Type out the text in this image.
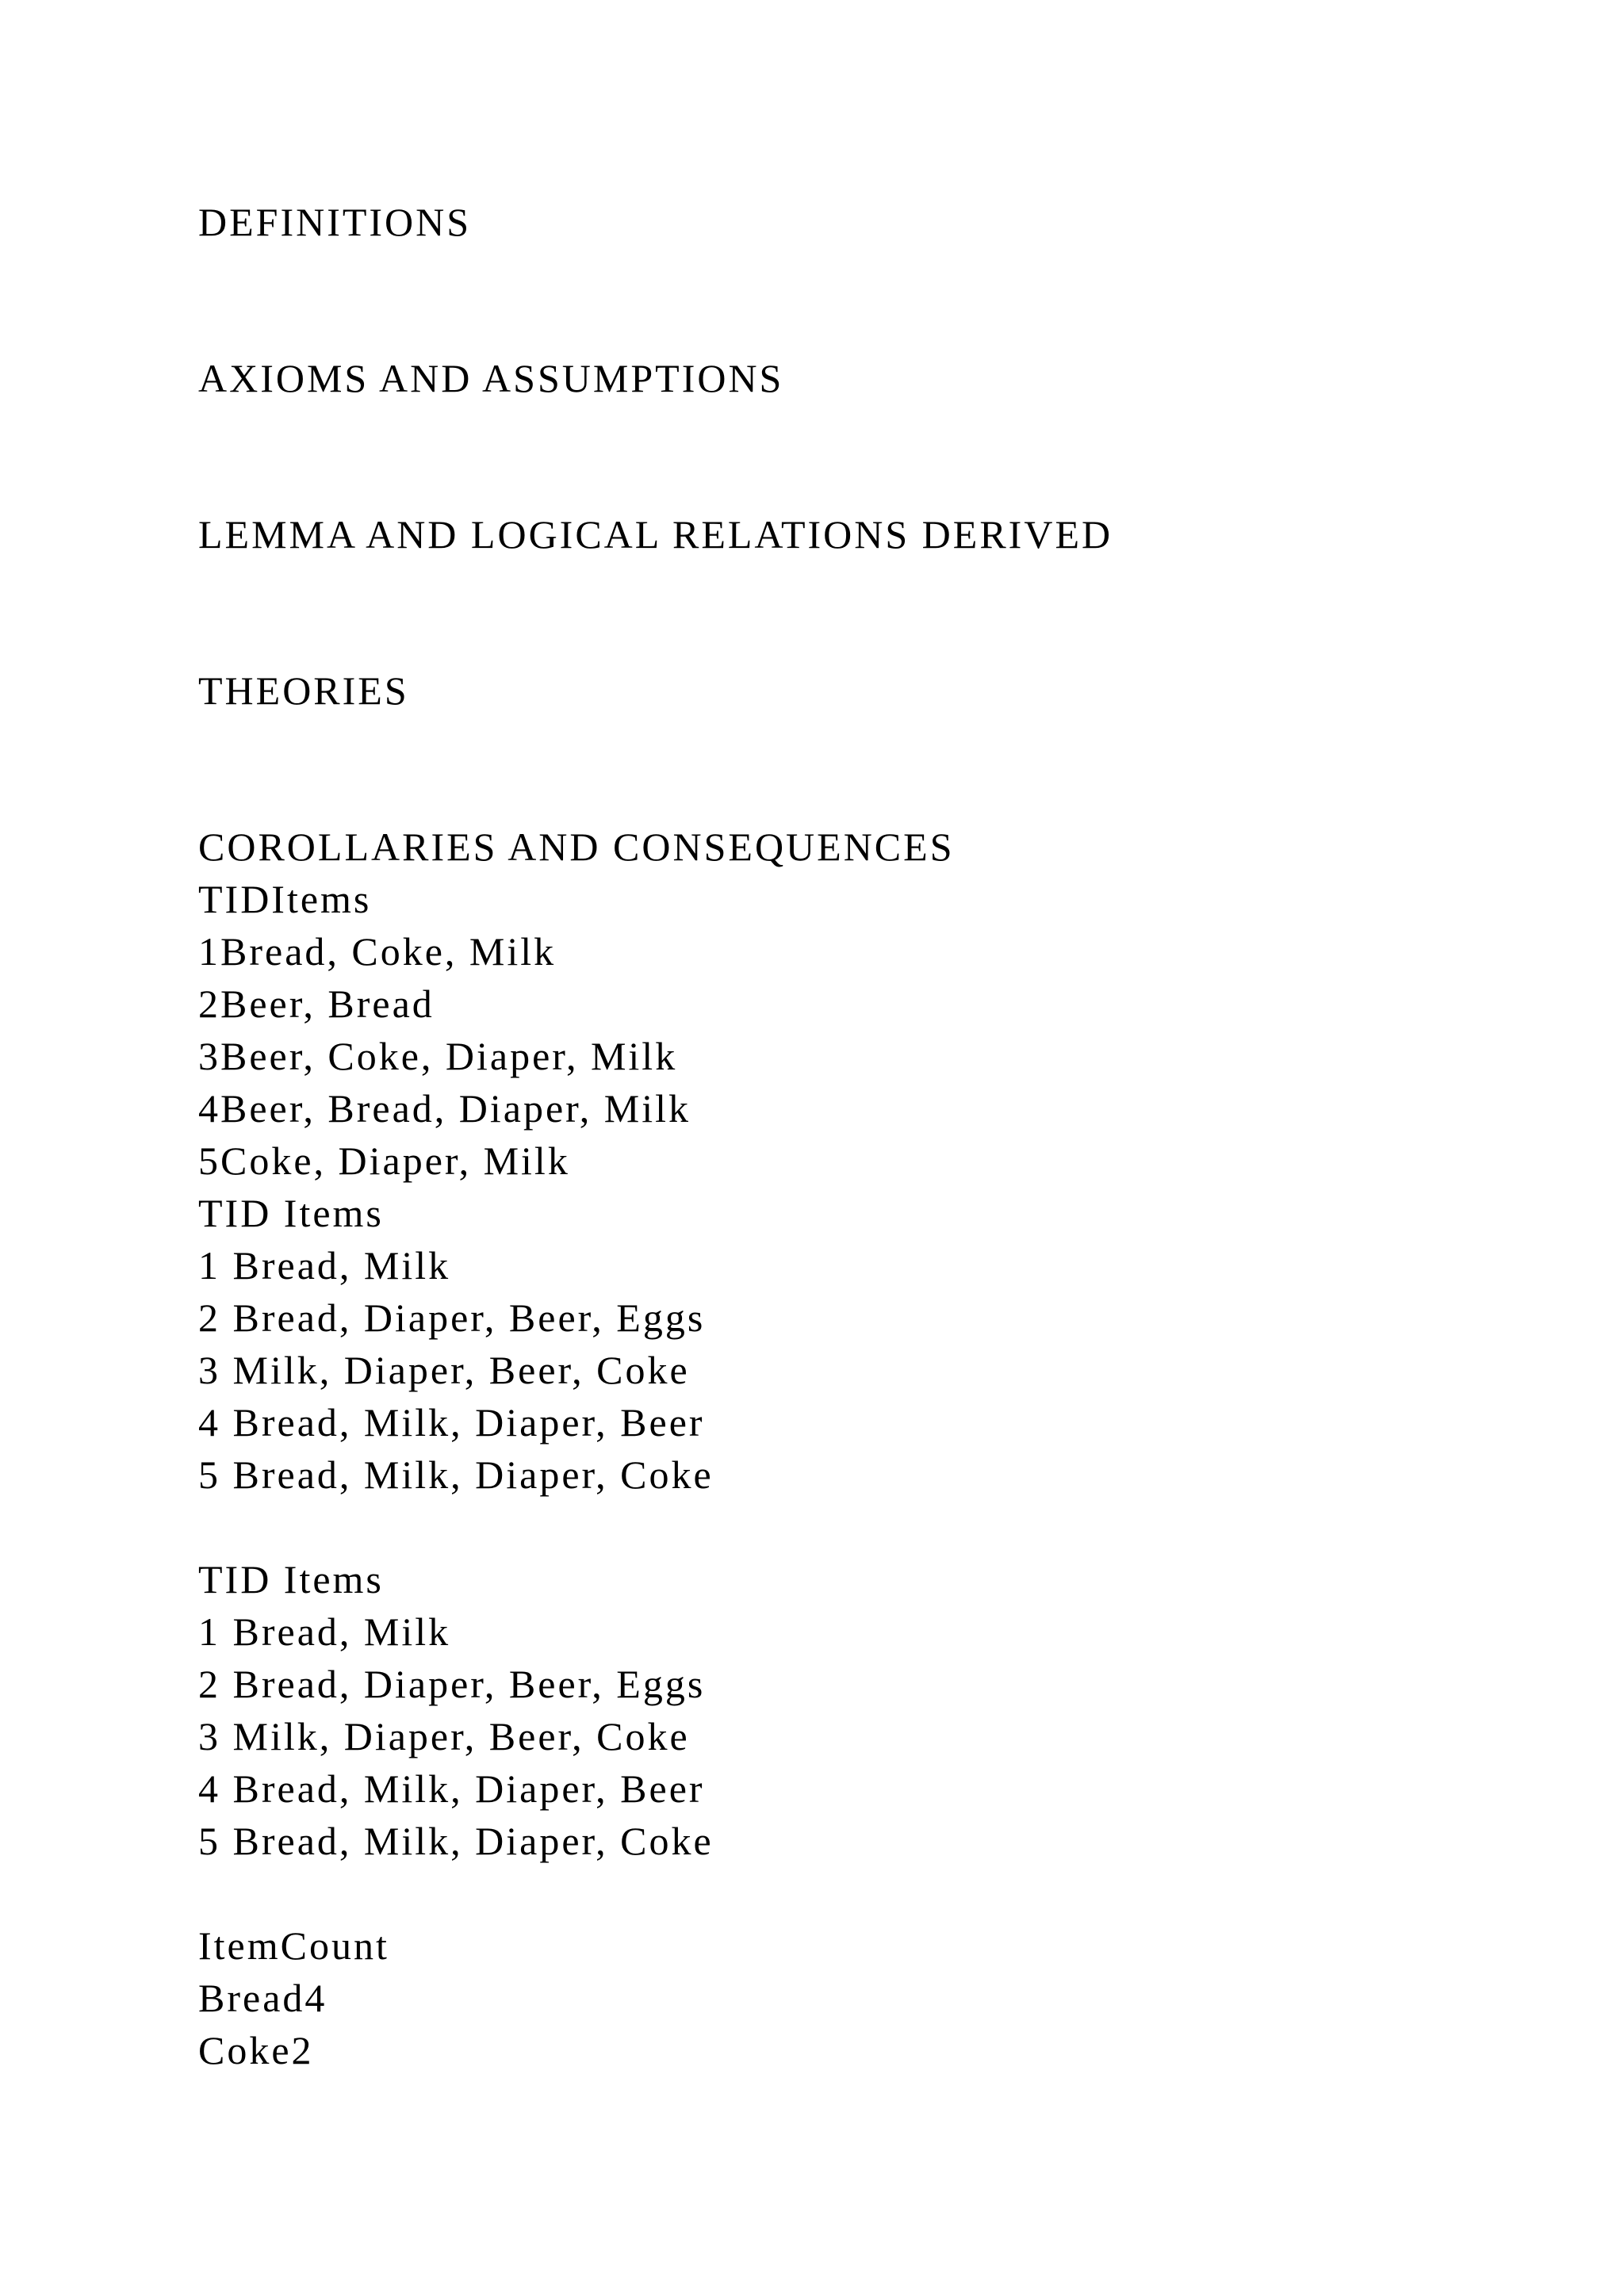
DEFINITIONS
AXIOMS AND ASSUMPTIONS
LEMMA AND LOGICAL RELATIONS DERIVED
THEORIES
COROLLARIES AND CONSEQUENCES
TIDItems
1Bread, Coke, Milk
2Beer, Bread
3Beer, Coke, Diaper, Milk
4Beer, Bread, Diaper, Milk
5Coke, Diaper, Milk
TID Items
1 Bread, Milk
2 Bread, Diaper, Beer, Eggs
3 Milk, Diaper, Beer, Coke
4 Bread, Milk, Diaper, Beer
5 Bread, Milk, Diaper, Coke
TID Items
1 Bread, Milk
2 Bread, Diaper, Beer, Eggs
3 Milk, Diaper, Beer, Coke
4 Bread, Milk, Diaper, Beer
5 Bread, Milk, Diaper, Coke
ItemCount
Bread4
Coke2
